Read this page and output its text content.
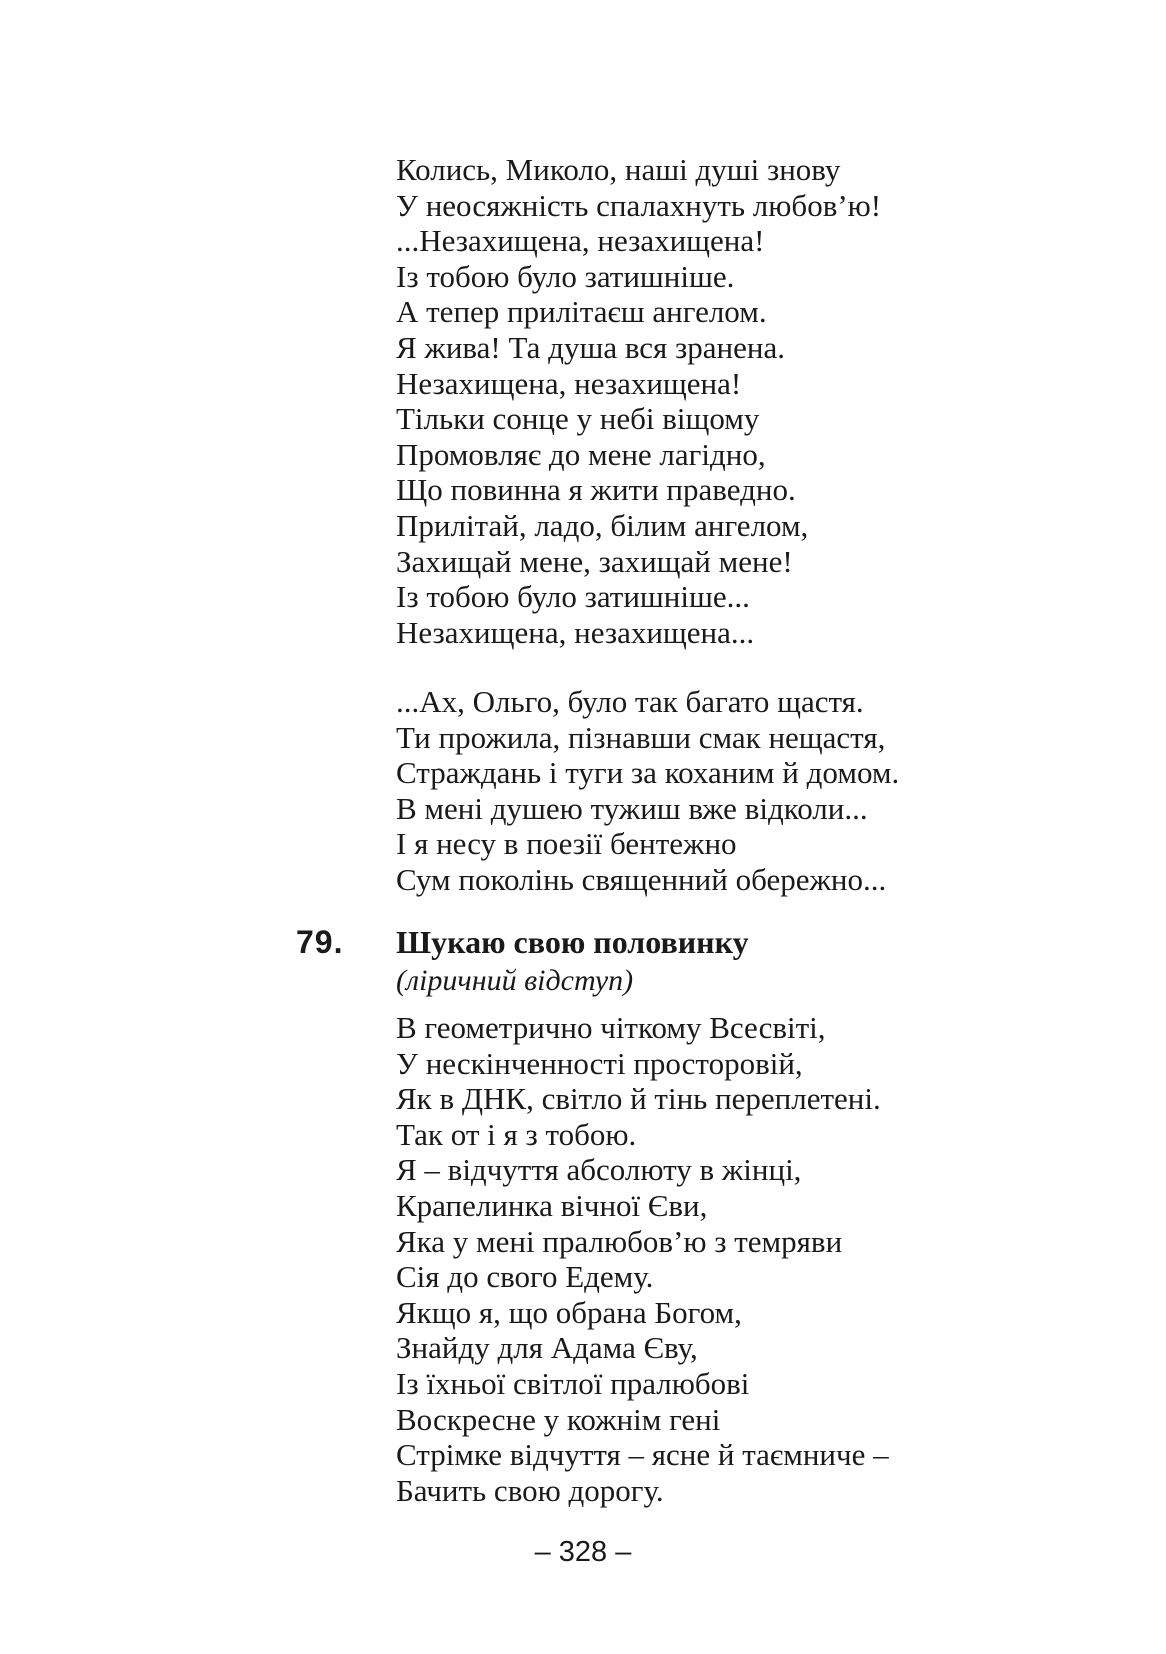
Колись, Миколо, наші душі знову
У неосяжність спалахнуть любов’ю!
...Незахищена, незахищена!
Із тобою було затишніше.
А тепер прилітаєш ангелом.
Я жива! Та душа вся зранена.
Незахищена, незахищена!
Тільки сонце у небі віщому
Промовляє до мене лагідно,
Що повинна я жити праведно.
Прилітай, ладо, білим ангелом,
Захищай мене, захищай мене!
Із тобою було затишніше...
Незахищена, незахищена...
...Ах, Ольго, було так багато щастя.
Ти прожила, пізнавши смак нещастя,
Страждань і туги за коханим й домом.
В мені душею тужиш вже відколи...
І я несу в поезії бентежно
Сум поколінь священний обережно...

79. Шукаю свою половинку

(ліричний відступ)

В геометрично чіткому Всесвіті,
У нескінченності просторовій,
Як в ДНК, світло й тінь переплетені.
Так от і я з тобою.
Я – відчуття абсолюту в жінці,
Крапелинка вічної Єви,
Яка у мені пралюбов’ю з темряви
Сія до свого Едему.
Якщо я, що обрана Богом,
Знайду для Адама Єву,
Із їхньої світлої пралюбові
Воскресне у кожнім гені
Стрімке відчуття – ясне й таємниче –
Бачить свою дорогу.

– 328 –
